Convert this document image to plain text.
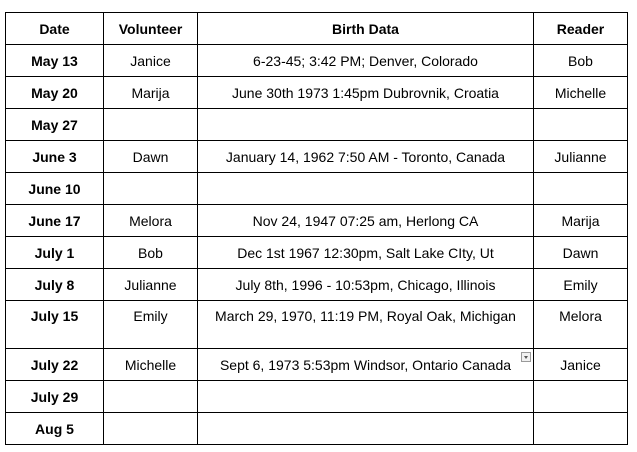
Date	Volunteer	Birth Data	Reader
May 13	Janice	6-23-45; 3:42 PM; Denver, Colorado	Bob
May 20	Marija	June 30th 1973 1:45pm Dubrovnik, Croatia	Michelle
May 27			
June 3	Dawn	January 14, 1962 7:50 AM - Toronto, Canada	Julianne
June 10			
June 17	Melora	Nov 24, 1947 07:25 am, Herlong CA	Marija
July 1	Bob	Dec 1st 1967 12:30pm, Salt Lake CIty, Ut	Dawn
July 8	Julianne	July 8th, 1996 - 10:53pm, Chicago, Illinois	Emily
July 15	Emily	March 29, 1970, 11:19 PM, Royal Oak, Michigan	Melora
July 22	Michelle	Sept 6, 1973 5:53pm Windsor, Ontario Canada	Janice
July 29			
Aug 5			
